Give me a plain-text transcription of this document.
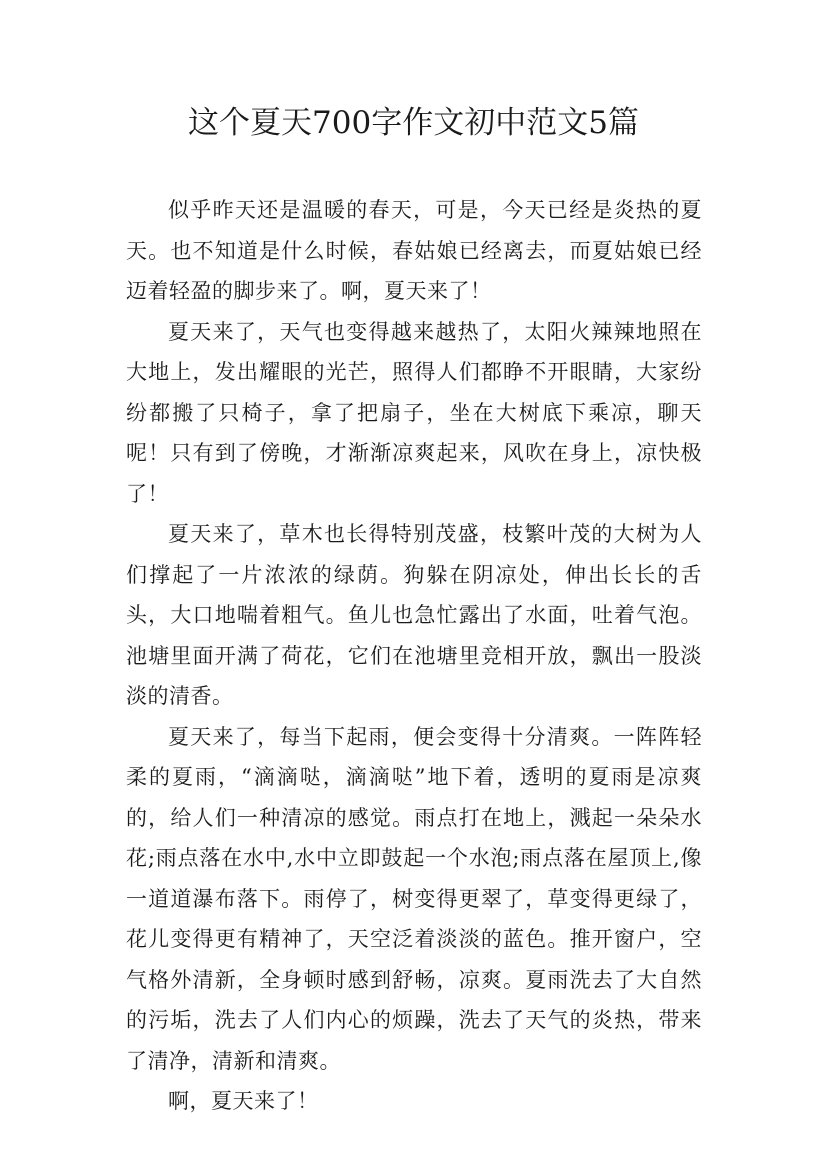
这个夏天700字作文初中范文5篇

似乎昨天还是温暖的春天，可是，今天已经是炎热的夏天。也不知道是什么时候，春姑娘已经离去，而夏姑娘已经迈着轻盈的脚步来了。啊，夏天来了！

夏天来了，天气也变得越来越热了，太阳火辣辣地照在大地上，发出耀眼的光芒，照得人们都睁不开眼睛，大家纷纷都搬了只椅子，拿了把扇子，坐在大树底下乘凉，聊天呢！只有到了傍晚，才渐渐凉爽起来，风吹在身上，凉快极了！

夏天来了，草木也长得特别茂盛，枝繁叶茂的大树为人们撑起了一片浓浓的绿荫。狗躲在阴凉处，伸出长长的舌头，大口地喘着粗气。鱼儿也急忙露出了水面，吐着气泡。池塘里面开满了荷花，它们在池塘里竞相开放，飘出一股淡淡的清香。

夏天来了，每当下起雨，便会变得十分清爽。一阵阵轻柔的夏雨，“滴滴哒，滴滴哒”地下着，透明的夏雨是凉爽的，给人们一种清凉的感觉。雨点打在地上，溅起一朵朵水花;雨点落在水中,水中立即鼓起一个水泡;雨点落在屋顶上,像一道道瀑布落下。雨停了，树变得更翠了，草变得更绿了，花儿变得更有精神了，天空泛着淡淡的蓝色。推开窗户，空气格外清新，全身顿时感到舒畅，凉爽。夏雨洗去了大自然的污垢，洗去了人们内心的烦躁，洗去了天气的炎热，带来了清净，清新和清爽。

啊，夏天来了！
